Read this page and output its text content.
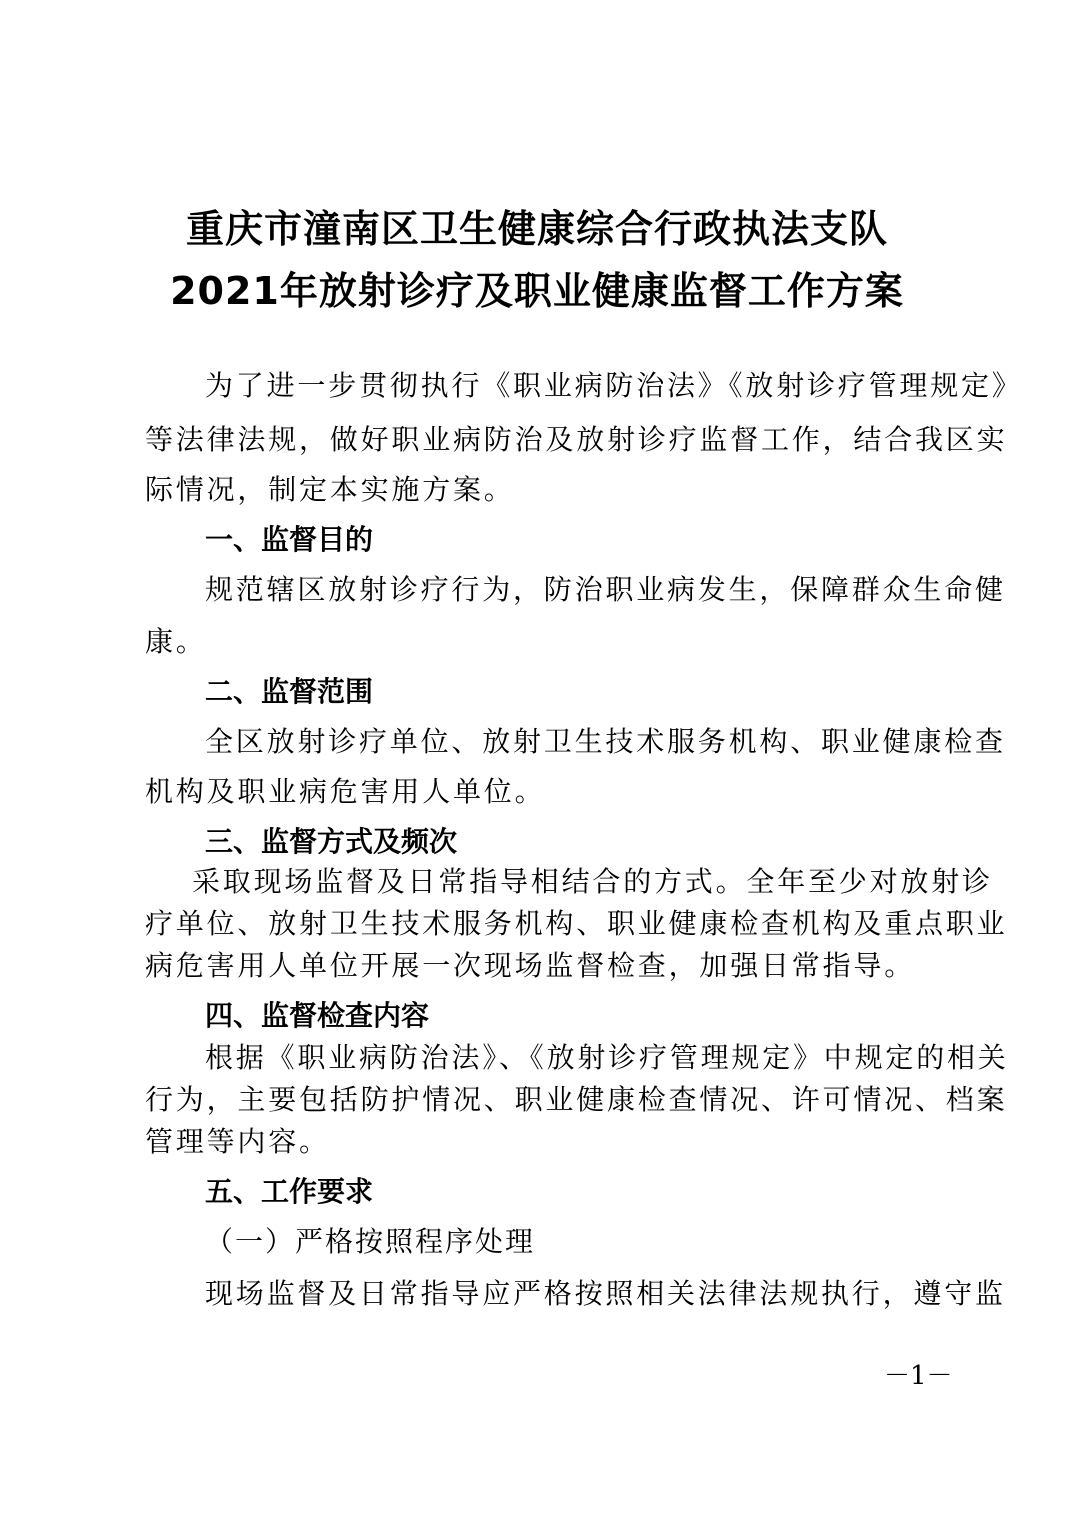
重庆市潼南区卫生健康综合行政执法支队
2021年放射诊疗及职业健康监督工作方案
为了进一步贯彻执行《职业病防治法》《放射诊疗管理规定》
等法律法规，做好职业病防治及放射诊疗监督工作，结合我区实
际情况，制定本实施方案。
一、监督目的
规范辖区放射诊疗行为，防治职业病发生，保障群众生命健
康。
二、监督范围
全区放射诊疗单位、放射卫生技术服务机构、职业健康检查
机构及职业病危害用人单位。
三、监督方式及频次
采取现场监督及日常指导相结合的方式。全年至少对放射诊
疗单位、放射卫生技术服务机构、职业健康检查机构及重点职业
病危害用人单位开展一次现场监督检查，加强日常指导。
四、监督检查内容
根据《职业病防治法》、《放射诊疗管理规定》中规定的相关
行为，主要包括防护情况、职业健康检查情况、许可情况、档案
管理等内容。
五、工作要求
（一）严格按照程序处理
现场监督及日常指导应严格按照相关法律法规执行，遵守监
－1－
